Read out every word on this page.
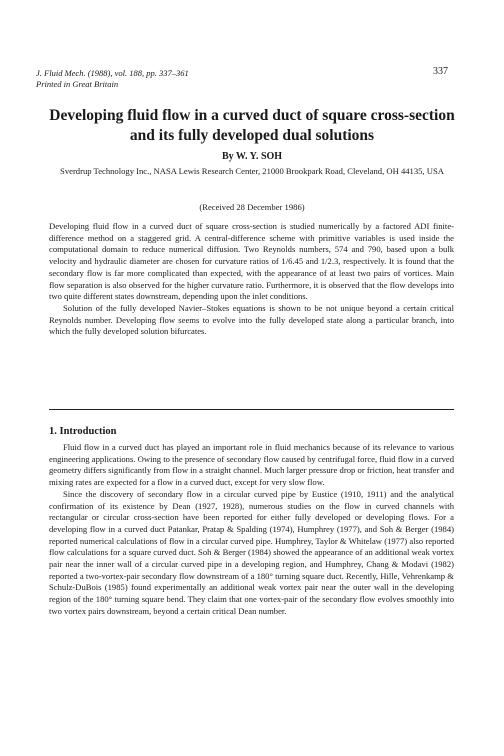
J. Fluid Mech. (1988), vol. 188, pp. 337–361
Printed in Great Britain
337
Developing fluid flow in a curved duct of square cross-section and its fully developed dual solutions
By W. Y. SOH
Sverdrup Technology Inc., NASA Lewis Research Center, 21000 Brookpark Road, Cleveland, OH 44135, USA
(Received 28 December 1986)

Developing fluid flow in a curved duct of square cross-section is studied numerically by a factored ADI finite-difference method on a staggered grid. A central-difference scheme with primitive variables is used inside the computational domain to reduce numerical diffusion. Two Reynolds numbers, 574 and 790, based upon a bulk velocity and hydraulic diameter are chosen for curvature ratios of 1/6.45 and 1/2.3, respectively. It is found that the secondary flow is far more complicated than expected, with the appearance of at least two pairs of vortices. Main flow separation is also observed for the higher curvature ratio. Furthermore, it is observed that the flow develops into two quite different states downstream, depending upon the inlet conditions.

Solution of the fully developed Navier–Stokes equations is shown to be not unique beyond a certain critical Reynolds number. Developing flow seems to evolve into the fully developed state along a particular branch, into which the fully developed solution bifurcates.

1. Introduction

Fluid flow in a curved duct has played an important role in fluid mechanics because of its relevance to various engineering applications. Owing to the presence of secondary flow caused by centrifugal force, fluid flow in a curved geometry differs significantly from flow in a straight channel. Much larger pressure drop or friction, heat transfer and mixing rates are expected for a flow in a curved duct, except for very slow flow.

Since the discovery of secondary flow in a circular curved pipe by Eustice (1910, 1911) and the analytical confirmation of its existence by Dean (1927, 1928), numerous studies on the flow in curved channels with rectangular or circular cross-section have been reported for either fully developed or developing flows. For a developing flow in a curved duct Patankar, Pratap & Spalding (1974), Humphrey (1977), and Soh & Berger (1984) reported numerical calculations of flow in a circular curved pipe. Humphrey, Taylor & Whitelaw (1977) also reported flow calculations for a square curved duct. Soh & Berger (1984) showed the appearance of an additional weak vortex pair near the inner wall of a circular curved pipe in a developing region, and Humphrey, Chang & Modavi (1982) reported a two-vortex-pair secondary flow downstream of a 180° turning square duct. Recently, Hille, Vehrenkamp & Schulz-DuBois (1985) found experimentally an additional weak vortex pair near the outer wall in the developing region of the 180° turning square bend. They claim that one vortex-pair of the secondary flow evolves smoothly into two vortex pairs downstream, beyond a certain critical Dean number.
